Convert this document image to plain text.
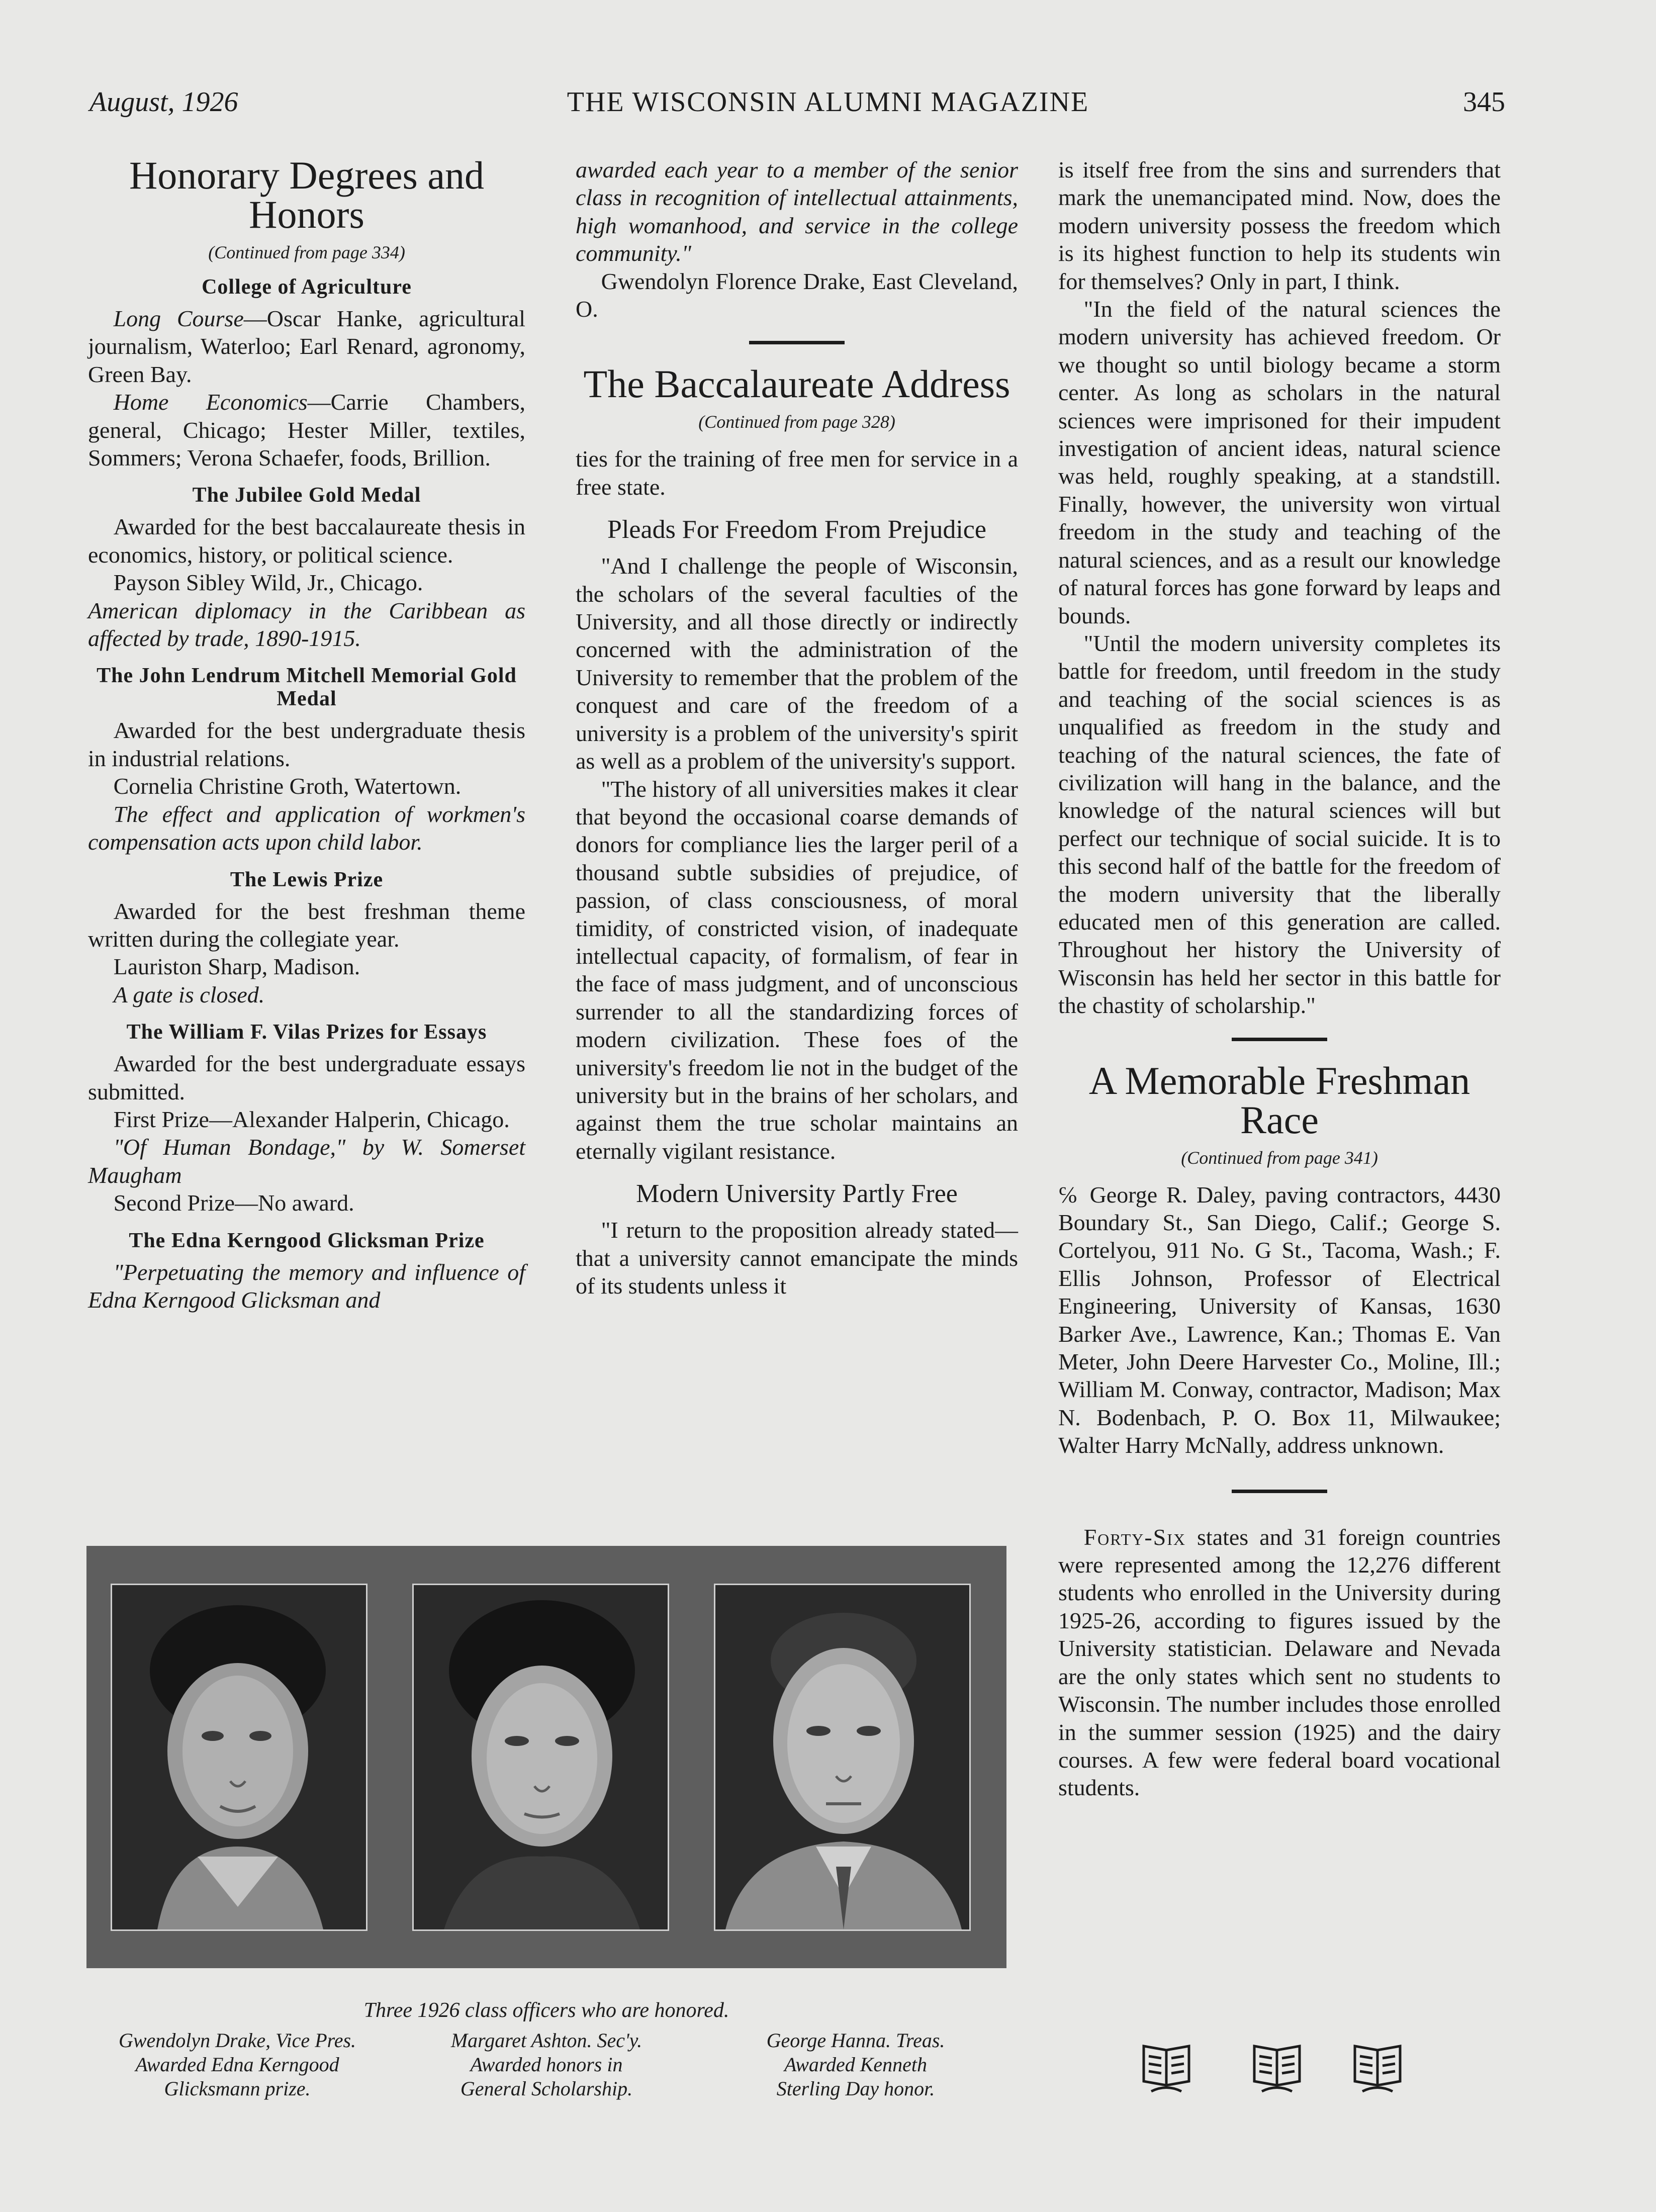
August, 1926	THE WISCONSIN ALUMNI MAGAZINE	345
Honorary Degrees and Honors
(Continued from page 334)
College of Agriculture

Long Course—Oscar Hanke, agricultural journalism, Waterloo; Earl Renard, agronomy, Green Bay.

Home Economics—Carrie Chambers, general, Chicago; Hester Miller, textiles, Sommers; Verona Schaefer, foods, Brillion.

The Jubilee Gold Medal

Awarded for the best baccalaureate thesis in economics, history, or political science.

Payson Sibley Wild, Jr., Chicago.

American diplomacy in the Caribbean as affected by trade, 1890-1915.

The John Lendrum Mitchell Memorial Gold Medal

Awarded for the best undergraduate thesis in industrial relations.

Cornelia Christine Groth, Watertown.

The effect and application of workmen's compensation acts upon child labor.

The Lewis Prize

Awarded for the best freshman theme written during the collegiate year.

Lauriston Sharp, Madison.

A gate is closed.

The William F. Vilas Prizes for Essays

Awarded for the best undergraduate essays submitted.

First Prize—Alexander Halperin, Chicago.

"Of Human Bondage," by W. Somerset Maugham

Second Prize—No award.

The Edna Kerngood Glicksman Prize

"Perpetuating the memory and influence of Edna Kerngood Glicksman and

awarded each year to a member of the senior class in recognition of intellectual attainments, high womanhood, and service in the college community."

Gwendolyn Florence Drake, East Cleveland, O.

The Baccalaureate Address
(Continued from page 328)

ties for the training of free men for service in a free state.

Pleads For Freedom From Prejudice

"And I challenge the people of Wisconsin, the scholars of the several faculties of the University, and all those directly or indirectly concerned with the administration of the University to remember that the problem of the conquest and care of the freedom of a university is a problem of the university's spirit as well as a problem of the university's support.

"The history of all universities makes it clear that beyond the occasional coarse demands of donors for compliance lies the larger peril of a thousand subtle subsidies of prejudice, of passion, of class consciousness, of moral timidity, of constricted vision, of inadequate intellectual capacity, of formalism, of fear in the face of mass judgment, and of unconscious surrender to all the standardizing forces of modern civilization. These foes of the university's freedom lie not in the budget of the university but in the brains of her scholars, and against them the true scholar maintains an eternally vigilant resistance.

Modern University Partly Free

"I return to the proposition already stated—that a university cannot emancipate the minds of its students unless it

is itself free from the sins and surrenders that mark the unemancipated mind. Now, does the modern university possess the freedom which is its highest function to help its students win for themselves? Only in part, I think.

"In the field of the natural sciences the modern university has achieved freedom. Or we thought so until biology became a storm center. As long as scholars in the natural sciences were imprisoned for their impudent investigation of ancient ideas, natural science was held, roughly speaking, at a standstill. Finally, however, the university won virtual freedom in the study and teaching of the natural sciences, and as a result our knowledge of natural forces has gone forward by leaps and bounds.

"Until the modern university completes its battle for freedom, until freedom in the study and teaching of the social sciences is as unqualified as freedom in the study and teaching of the natural sciences, the fate of civilization will hang in the balance, and the knowledge of the natural sciences will but perfect our technique of social suicide. It is to this second half of the battle for the freedom of the modern university that the liberally educated men of this generation are called. Throughout her history the University of Wisconsin has held her sector in this battle for the chastity of scholarship."

A Memorable Freshman Race
(Continued from page 341)

℅ George R. Daley, paving contractors, 4430 Boundary St., San Diego, Calif.; George S. Cortelyou, 911 No. G St., Tacoma, Wash.; F. Ellis Johnson, Professor of Electrical Engineering, University of Kansas, 1630 Barker Ave., Lawrence, Kan.; Thomas E. Van Meter, John Deere Harvester Co., Moline, Ill.; William M. Conway, contractor, Madison; Max N. Bodenbach, P. O. Box 11, Milwaukee; Walter Harry McNally, address unknown.

Forty-Six states and 31 foreign countries were represented among the 12,276 different students who enrolled in the University during 1925-26, according to figures issued by the University statistician. Delaware and Nevada are the only states which sent no students to Wisconsin. The number includes those enrolled in the summer session (1925) and the dairy courses. A few were federal board vocational students.

Three 1926 class officers who are honored.
Gwendolyn Drake, Vice Pres.
Awarded Edna Kerngood
Glicksmann prize.
Margaret Ashton. Sec'y.
Awarded honors in
General Scholarship.
George Hanna. Treas.
Awarded Kenneth
Sterling Day honor.
